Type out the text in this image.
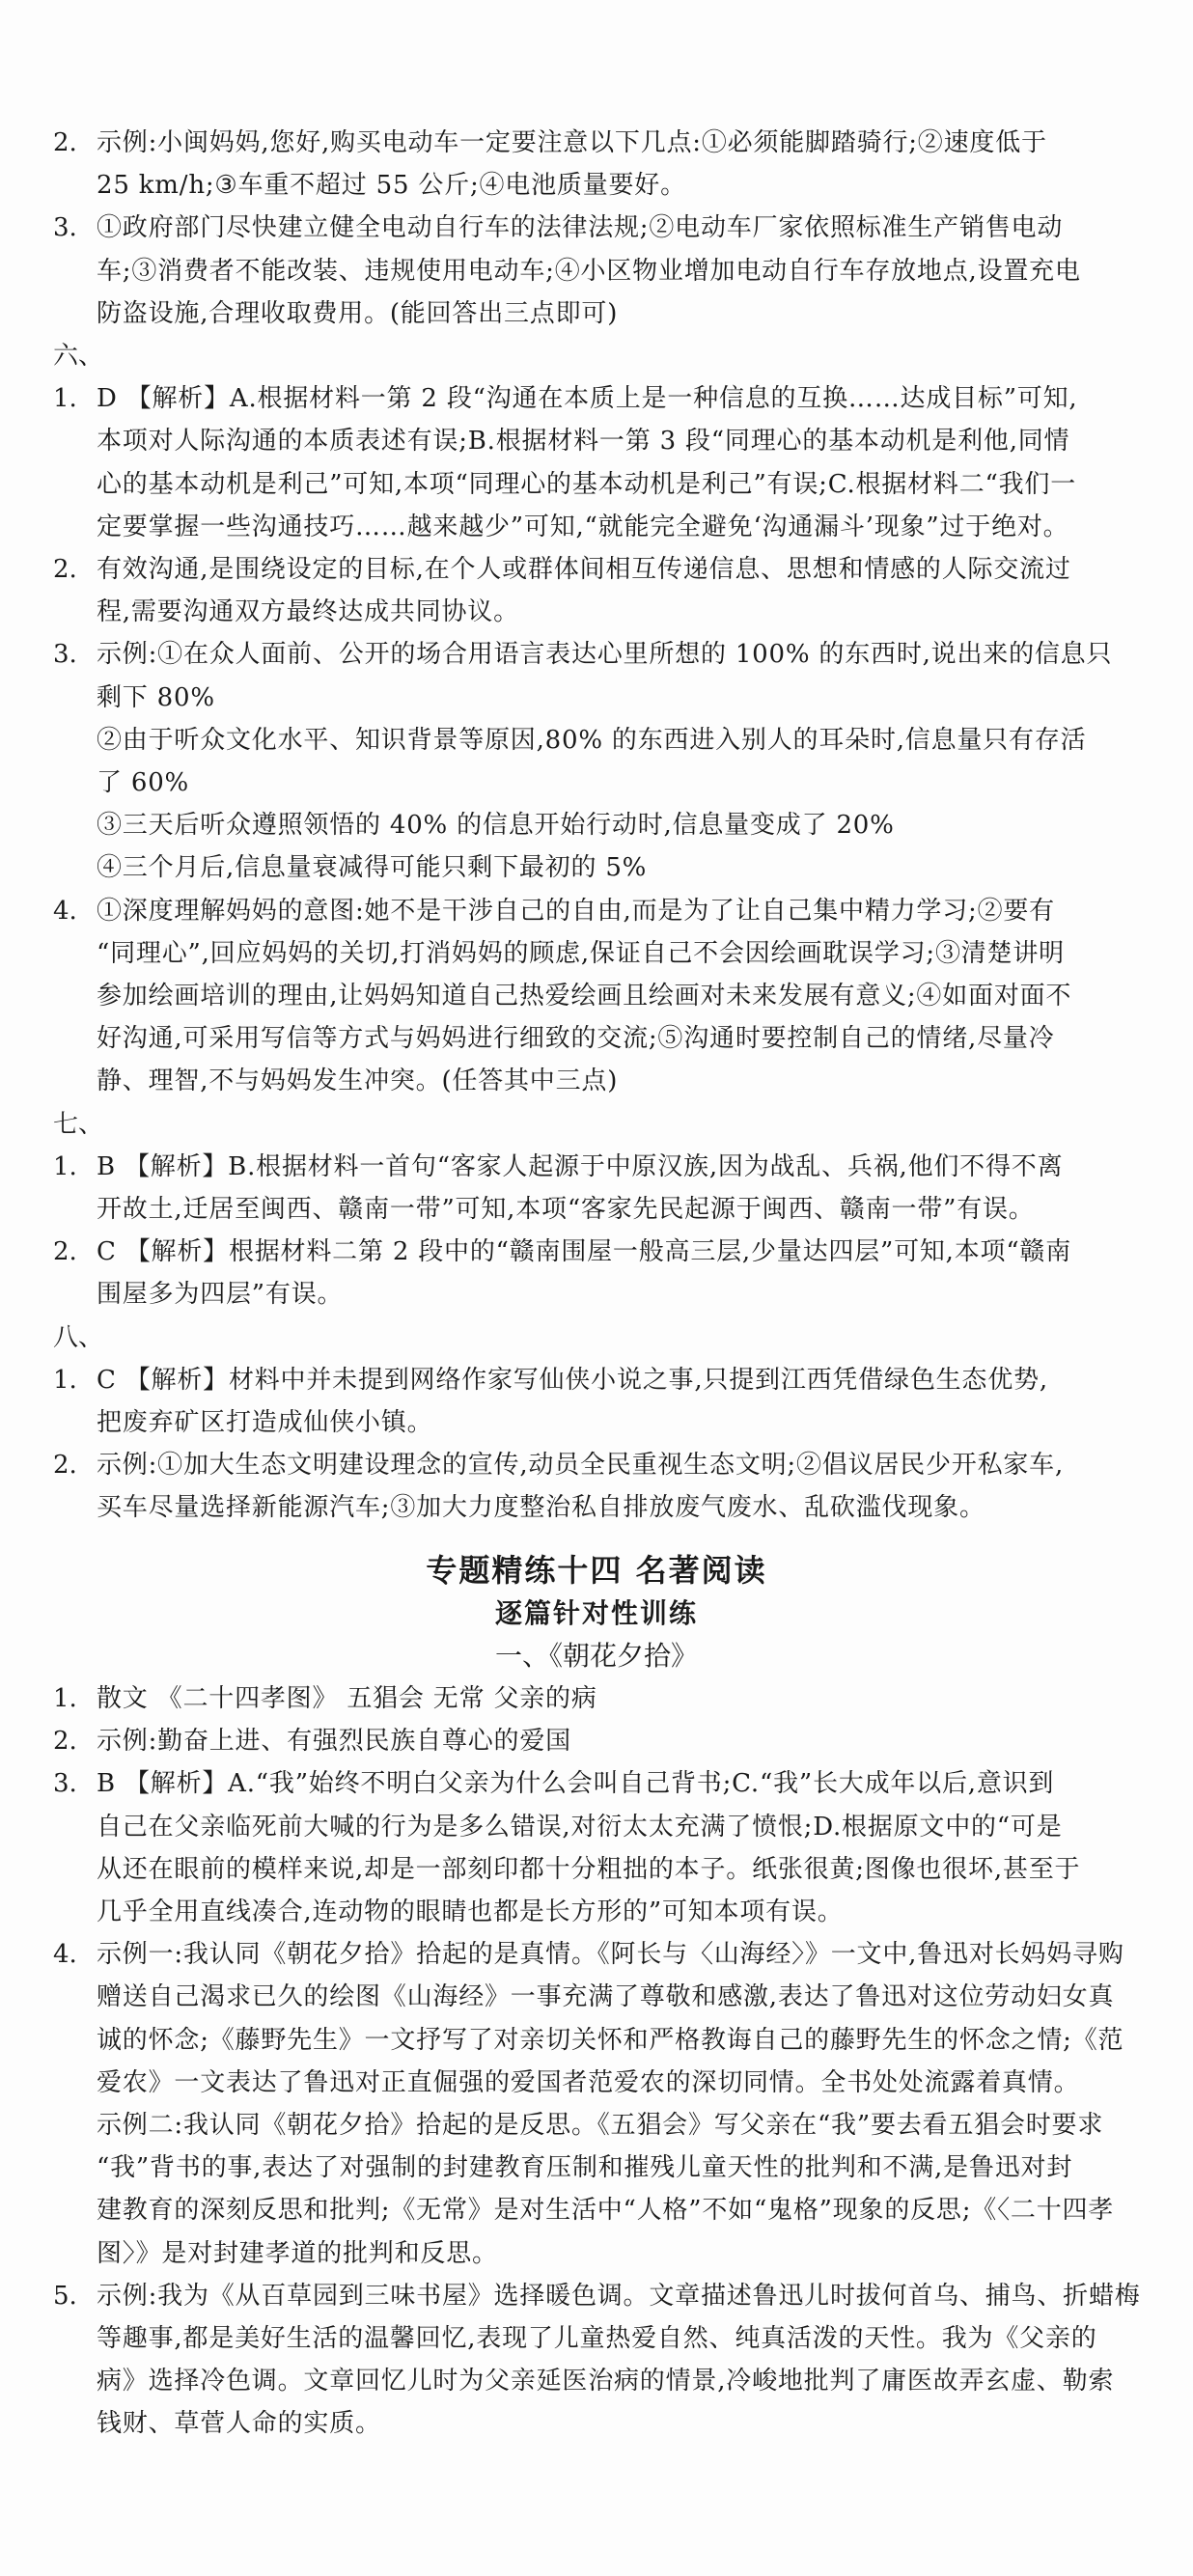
2. 示例:小闽妈妈,您好,购买电动车一定要注意以下几点:①必须能脚踏骑行;②速度低于
25 km/h;③车重不超过 55 公斤;④电池质量要好。
3. ①政府部门尽快建立健全电动自行车的法律法规;②电动车厂家依照标准生产销售电动
车;③消费者不能改装、违规使用电动车;④小区物业增加电动自行车存放地点,设置充电
防盗设施,合理收取费用。(能回答出三点即可)
六、
1. D 【解析】A.根据材料一第 2 段“沟通在本质上是一种信息的互换……达成目标”可知,
本项对人际沟通的本质表述有误;B.根据材料一第 3 段“同理心的基本动机是利他,同情
心的基本动机是利己”可知,本项“同理心的基本动机是利己”有误;C.根据材料二“我们一
定要掌握一些沟通技巧……越来越少”可知,“就能完全避免‘沟通漏斗’现象”过于绝对。
2. 有效沟通,是围绕设定的目标,在个人或群体间相互传递信息、思想和情感的人际交流过
程,需要沟通双方最终达成共同协议。
3. 示例:①在众人面前、公开的场合用语言表达心里所想的 100% 的东西时,说出来的信息只
剩下 80%
②由于听众文化水平、知识背景等原因,80% 的东西进入别人的耳朵时,信息量只有存活
了 60%
③三天后听众遵照领悟的 40% 的信息开始行动时,信息量变成了 20%
④三个月后,信息量衰减得可能只剩下最初的 5%
4. ①深度理解妈妈的意图:她不是干涉自己的自由,而是为了让自己集中精力学习;②要有
“同理心”,回应妈妈的关切,打消妈妈的顾虑,保证自己不会因绘画耽误学习;③清楚讲明
参加绘画培训的理由,让妈妈知道自己热爱绘画且绘画对未来发展有意义;④如面对面不
好沟通,可采用写信等方式与妈妈进行细致的交流;⑤沟通时要控制自己的情绪,尽量冷
静、理智,不与妈妈发生冲突。(任答其中三点)
七、
1. B 【解析】B.根据材料一首句“客家人起源于中原汉族,因为战乱、兵祸,他们不得不离
开故土,迁居至闽西、赣南一带”可知,本项“客家先民起源于闽西、赣南一带”有误。
2. C 【解析】根据材料二第 2 段中的“赣南围屋一般高三层,少量达四层”可知,本项“赣南
围屋多为四层”有误。
八、
1. C 【解析】材料中并未提到网络作家写仙侠小说之事,只提到江西凭借绿色生态优势,
把废弃矿区打造成仙侠小镇。
2. 示例:①加大生态文明建设理念的宣传,动员全民重视生态文明;②倡议居民少开私家车,
买车尽量选择新能源汽车;③加大力度整治私自排放废气废水、乱砍滥伐现象。
专题精练十四 名著阅读
逐篇针对性训练
一、《朝花夕拾》
1. 散文 《二十四孝图》 五猖会 无常 父亲的病
2. 示例:勤奋上进、有强烈民族自尊心的爱国
3. B 【解析】A.“我”始终不明白父亲为什么会叫自己背书;C.“我”长大成年以后,意识到
自己在父亲临死前大喊的行为是多么错误,对衍太太充满了愤恨;D.根据原文中的“可是
从还在眼前的模样来说,却是一部刻印都十分粗拙的本子。纸张很黄;图像也很坏,甚至于
几乎全用直线凑合,连动物的眼睛也都是长方形的”可知本项有误。
4. 示例一:我认同《朝花夕拾》拾起的是真情。《阿长与〈山海经〉》一文中,鲁迅对长妈妈寻购
赠送自己渴求已久的绘图《山海经》一事充满了尊敬和感激,表达了鲁迅对这位劳动妇女真
诚的怀念;《藤野先生》一文抒写了对亲切关怀和严格教诲自己的藤野先生的怀念之情;《范
爱农》一文表达了鲁迅对正直倔强的爱国者范爱农的深切同情。全书处处流露着真情。
示例二:我认同《朝花夕拾》拾起的是反思。《五猖会》写父亲在“我”要去看五猖会时要求
“我”背书的事,表达了对强制的封建教育压制和摧残儿童天性的批判和不满,是鲁迅对封
建教育的深刻反思和批判;《无常》是对生活中“人格”不如“鬼格”现象的反思;《〈二十四孝
图〉》是对封建孝道的批判和反思。
5. 示例:我为《从百草园到三味书屋》选择暖色调。文章描述鲁迅儿时拔何首乌、捕鸟、折蜡梅
等趣事,都是美好生活的温馨回忆,表现了儿童热爱自然、纯真活泼的天性。我为《父亲的
病》选择冷色调。文章回忆儿时为父亲延医治病的情景,冷峻地批判了庸医故弄玄虚、勒索
钱财、草菅人命的实质。
